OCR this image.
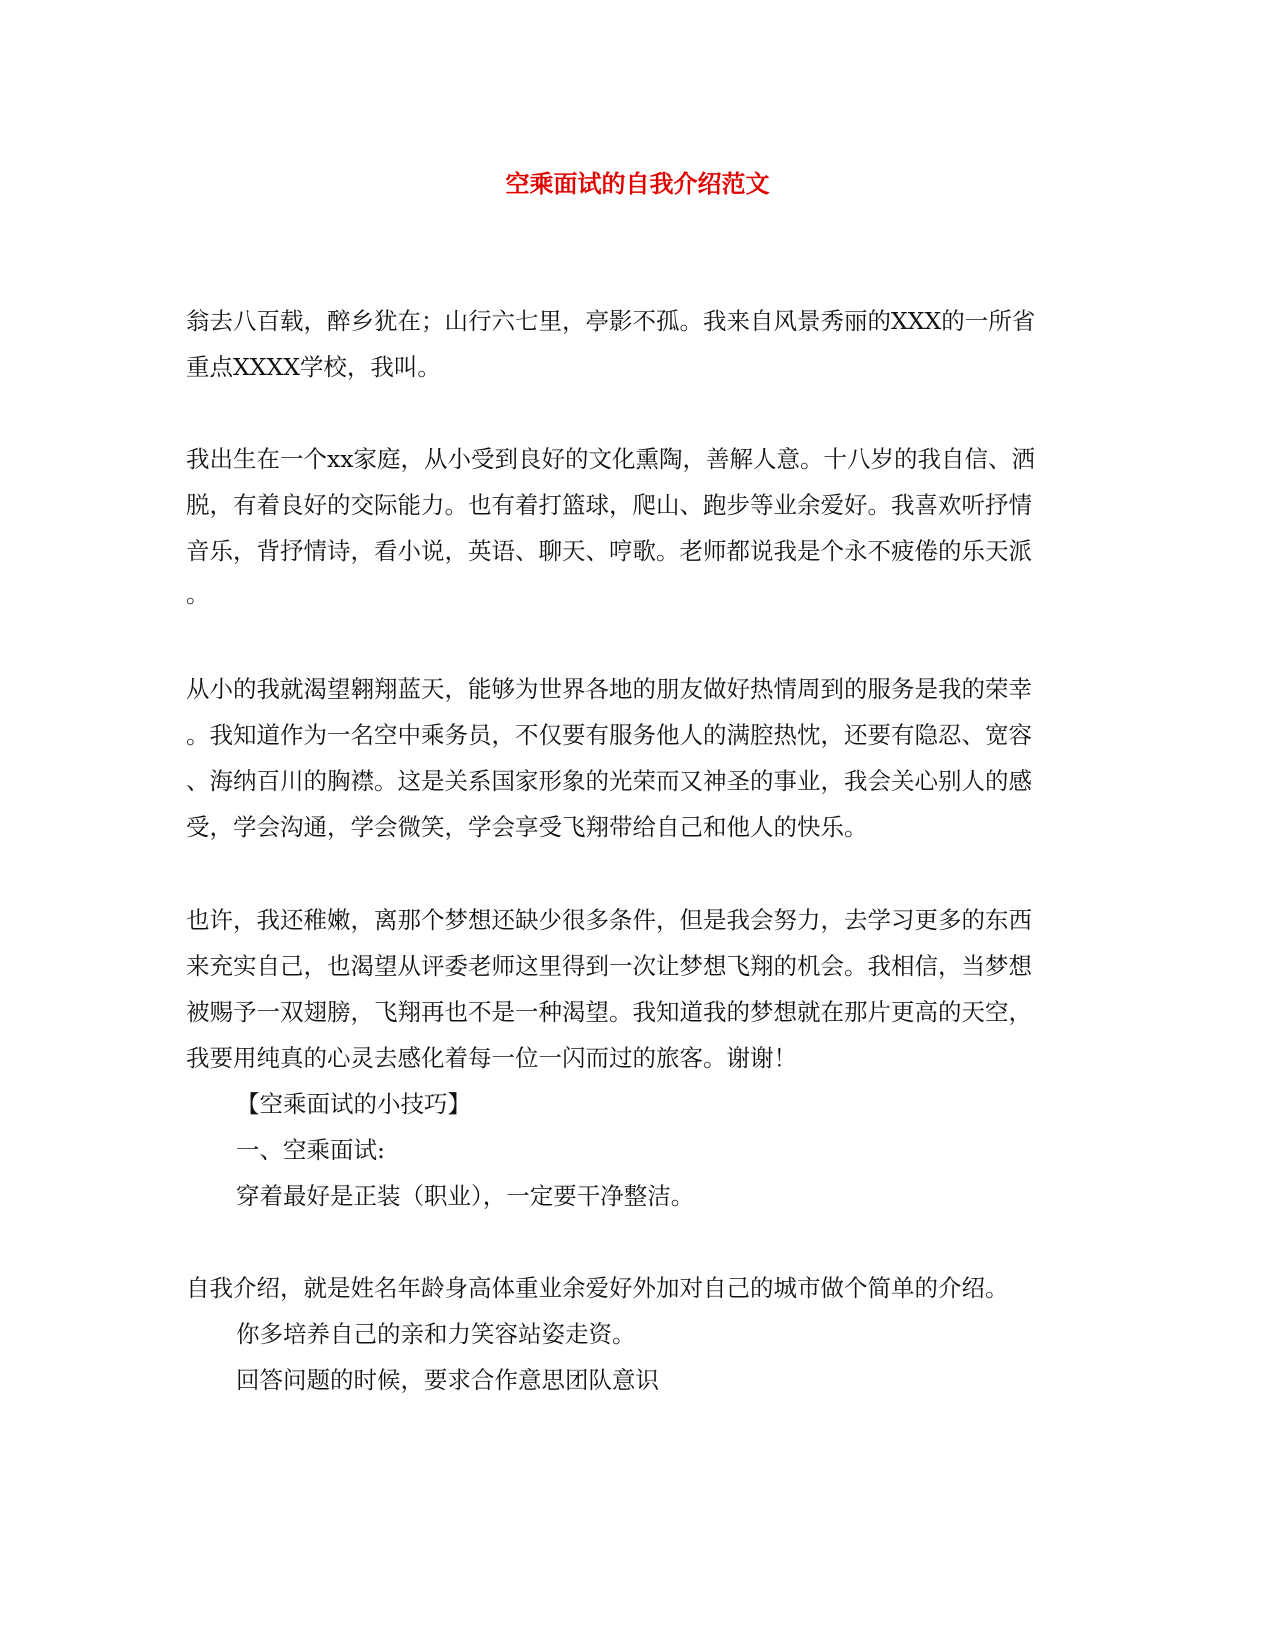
空乘面试的自我介绍范文

翁去八百载，醉乡犹在；山行六七里，亭影不孤。我来自风景秀丽的XXX的一所省

重点XXXX学校，我叫。

我出生在一个xx家庭，从小受到良好的文化熏陶，善解人意。十八岁的我自信、洒

脱，有着良好的交际能力。也有着打篮球，爬山、跑步等业余爱好。我喜欢听抒情

音乐，背抒情诗，看小说，英语、聊天、哼歌。老师都说我是个永不疲倦的乐天派

。

从小的我就渴望翱翔蓝天，能够为世界各地的朋友做好热情周到的服务是我的荣幸

。我知道作为一名空中乘务员，不仅要有服务他人的满腔热忱，还要有隐忍、宽容

、海纳百川的胸襟。这是关系国家形象的光荣而又神圣的事业，我会关心别人的感

受，学会沟通，学会微笑，学会享受飞翔带给自己和他人的快乐。

也许，我还稚嫩，离那个梦想还缺少很多条件，但是我会努力，去学习更多的东西

来充实自己，也渴望从评委老师这里得到一次让梦想飞翔的机会。我相信，当梦想

被赐予一双翅膀，飞翔再也不是一种渴望。我知道我的梦想就在那片更高的天空，

我要用纯真的心灵去感化着每一位一闪而过的旅客。谢谢！

【空乘面试的小技巧】

一、空乘面试:

穿着最好是正装（职业），一定要干净整洁。

自我介绍，就是姓名年龄身高体重业余爱好外加对自己的城市做个简单的介绍。

你多培养自己的亲和力笑容站姿走资。

回答问题的时候，要求合作意思团队意识
